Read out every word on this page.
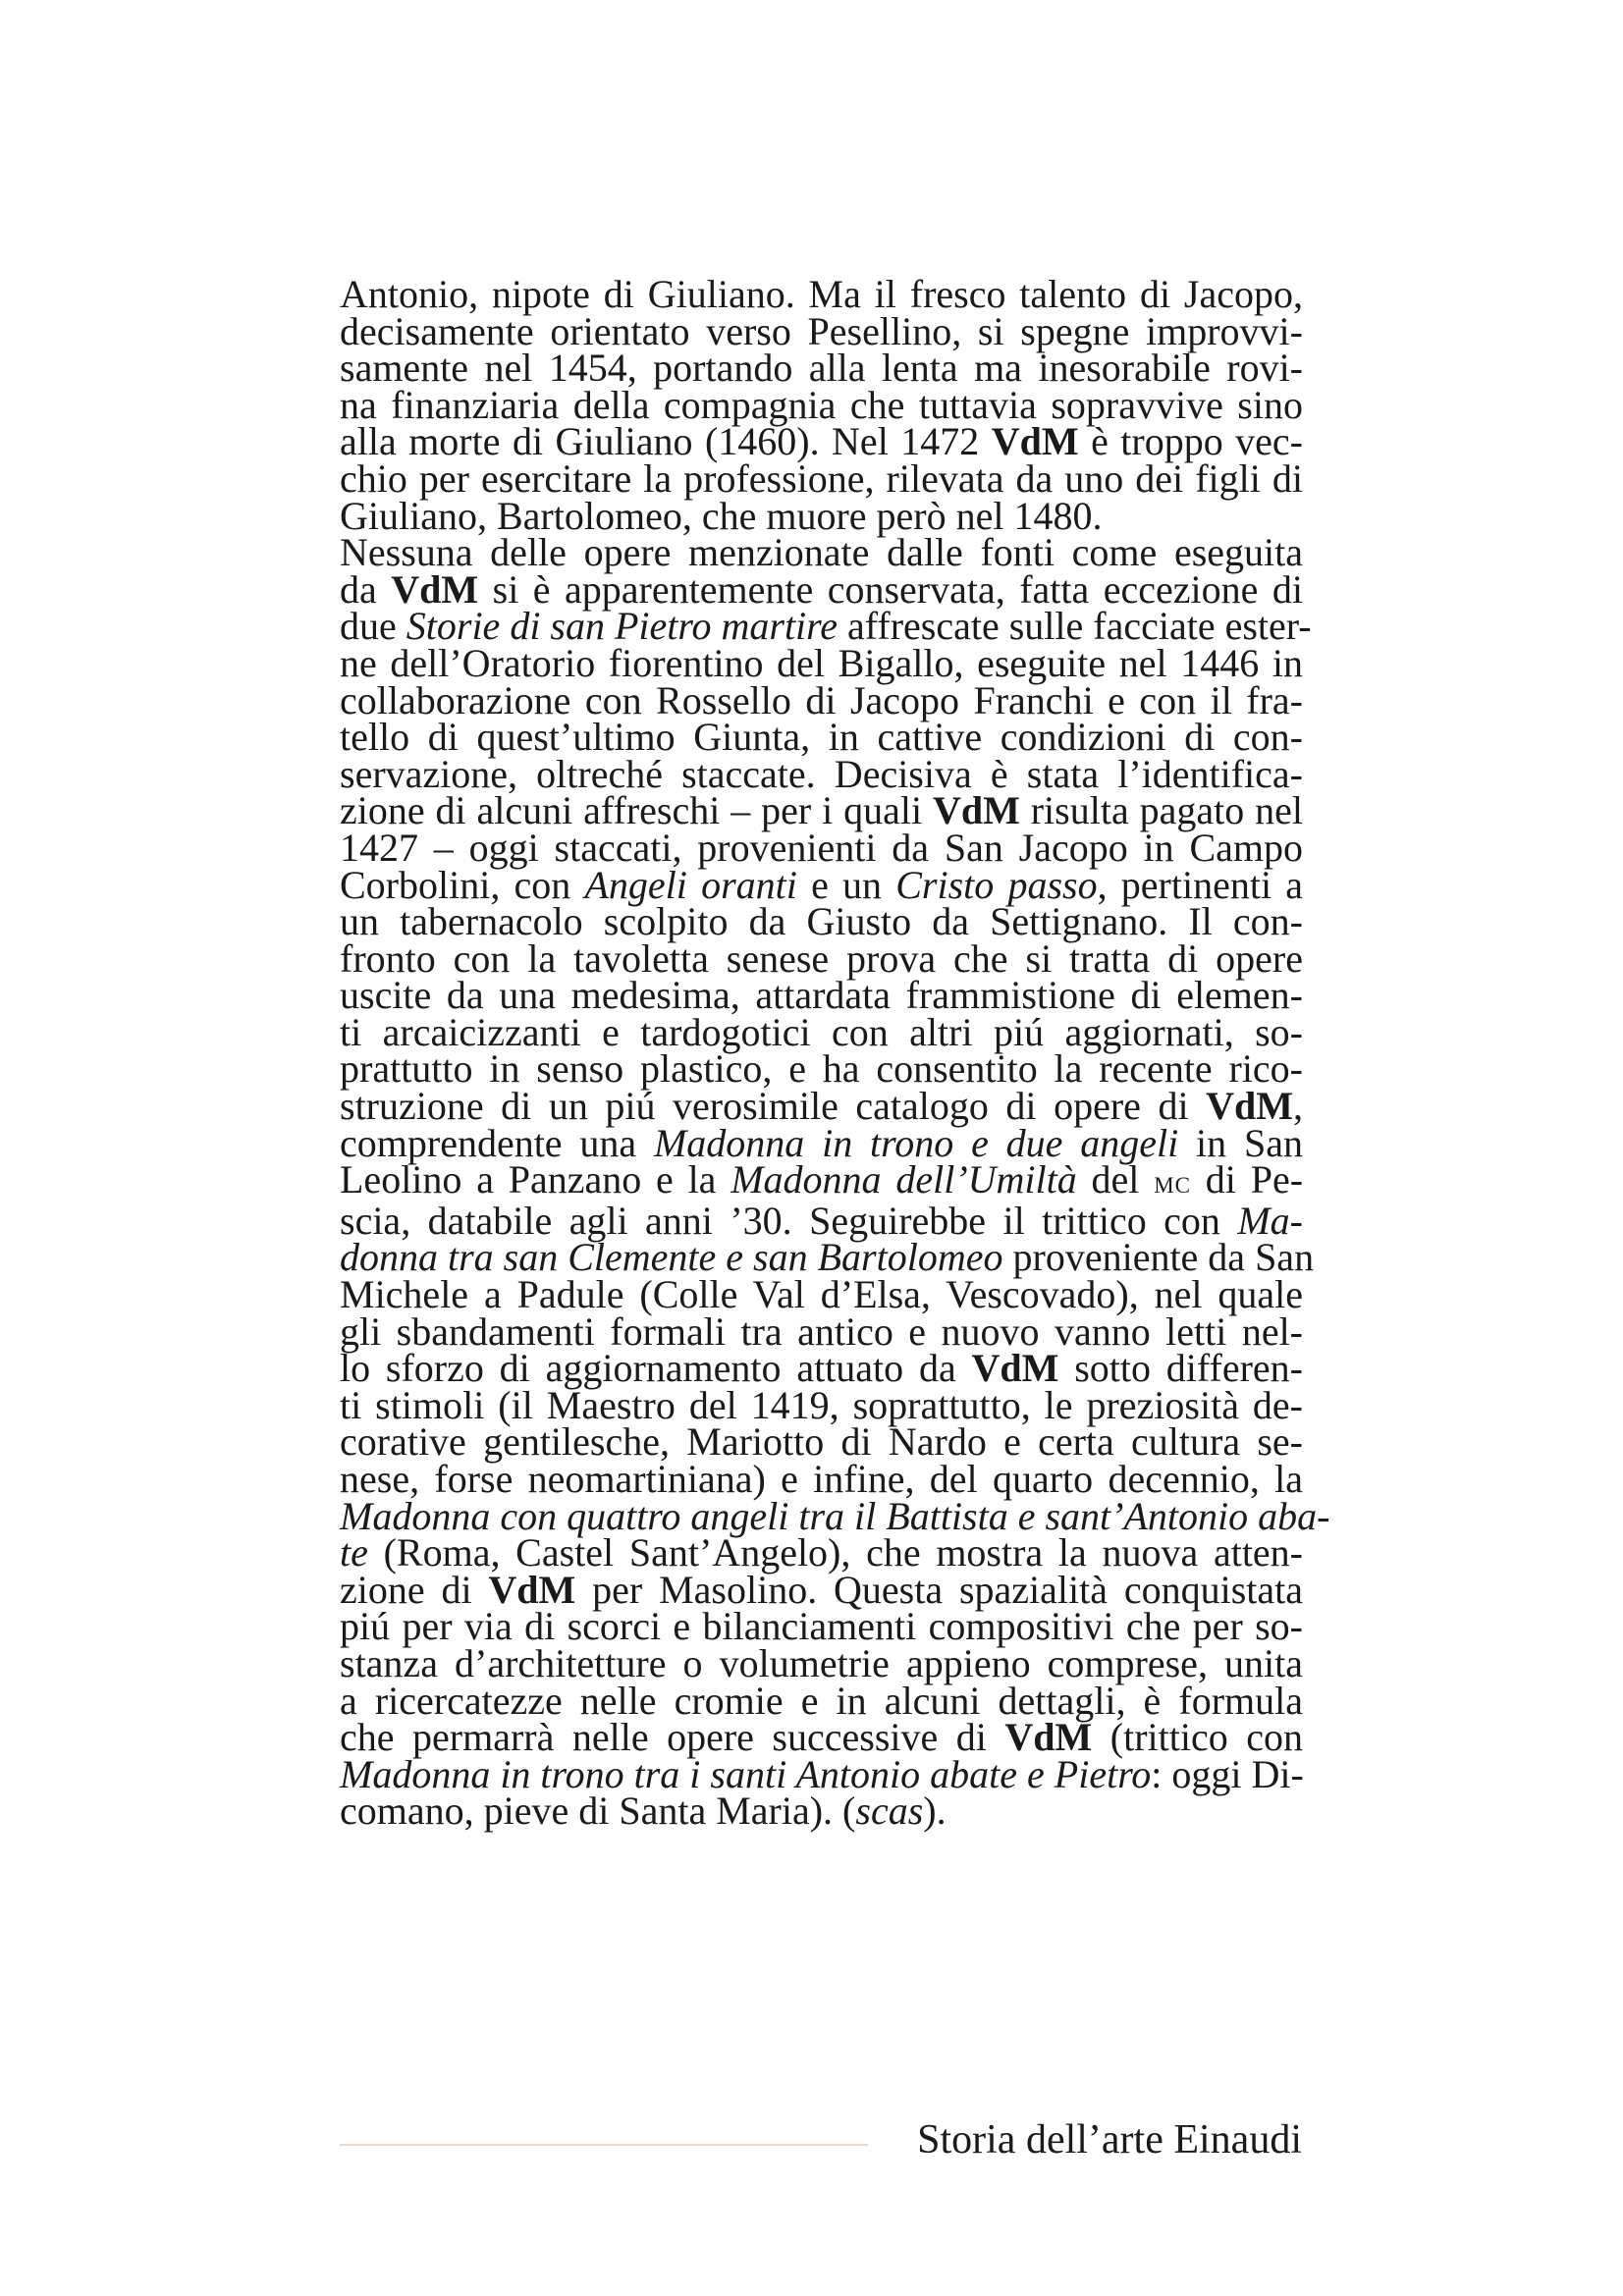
Antonio, nipote di Giuliano. Ma il fresco talento di Jacopo,
decisamente orientato verso Pesellino, si spegne improvvi-
samente nel 1454, portando alla lenta ma inesorabile rovi-
na finanziaria della compagnia che tuttavia sopravvive sino
alla morte di Giuliano (1460). Nel 1472 VdM è troppo vec-
chio per esercitare la professione, rilevata da uno dei figli di
Giuliano, Bartolomeo, che muore però nel 1480.

Nessuna delle opere menzionate dalle fonti come eseguita
da VdM si è apparentemente conservata, fatta eccezione di
due Storie di san Pietro martire affrescate sulle facciate ester-
ne dell’Oratorio fiorentino del Bigallo, eseguite nel 1446 in
collaborazione con Rossello di Jacopo Franchi e con il fra-
tello di quest’ultimo Giunta, in cattive condizioni di con-
servazione, oltreché staccate. Decisiva è stata l’identifica-
zione di alcuni affreschi – per i quali VdM risulta pagato nel
1427 – oggi staccati, provenienti da San Jacopo in Campo
Corbolini, con Angeli oranti e un Cristo passo, pertinenti a
un tabernacolo scolpito da Giusto da Settignano. Il con-
fronto con la tavoletta senese prova che si tratta di opere
uscite da una medesima, attardata frammistione di elemen-
ti arcaicizzanti e tardogotici con altri piú aggiornati, so-
prattutto in senso plastico, e ha consentito la recente rico-
struzione di un piú verosimile catalogo di opere di VdM,
comprendente una Madonna in trono e due angeli in San
Leolino a Panzano e la Madonna dell’Umiltà del mc di Pe-
scia, databile agli anni ’30. Seguirebbe il trittico con Ma-
donna tra san Clemente e san Bartolomeo proveniente da San
Michele a Padule (Colle Val d’Elsa, Vescovado), nel quale
gli sbandamenti formali tra antico e nuovo vanno letti nel-
lo sforzo di aggiornamento attuato da VdM sotto differen-
ti stimoli (il Maestro del 1419, soprattutto, le preziosità de-
corative gentilesche, Mariotto di Nardo e certa cultura se-
nese, forse neomartiniana) e infine, del quarto decennio, la
Madonna con quattro angeli tra il Battista e sant’Antonio aba-
te (Roma, Castel Sant’Angelo), che mostra la nuova atten-
zione di VdM per Masolino. Questa spazialità conquistata
piú per via di scorci e bilanciamenti compositivi che per so-
stanza d’architetture o volumetrie appieno comprese, unita
a ricercatezze nelle cromie e in alcuni dettagli, è formula
che permarrà nelle opere successive di VdM (trittico con
Madonna in trono tra i santi Antonio abate e Pietro: oggi Di-
comano, pieve di Santa Maria). (scas).

Storia dell’arte Einaudi
